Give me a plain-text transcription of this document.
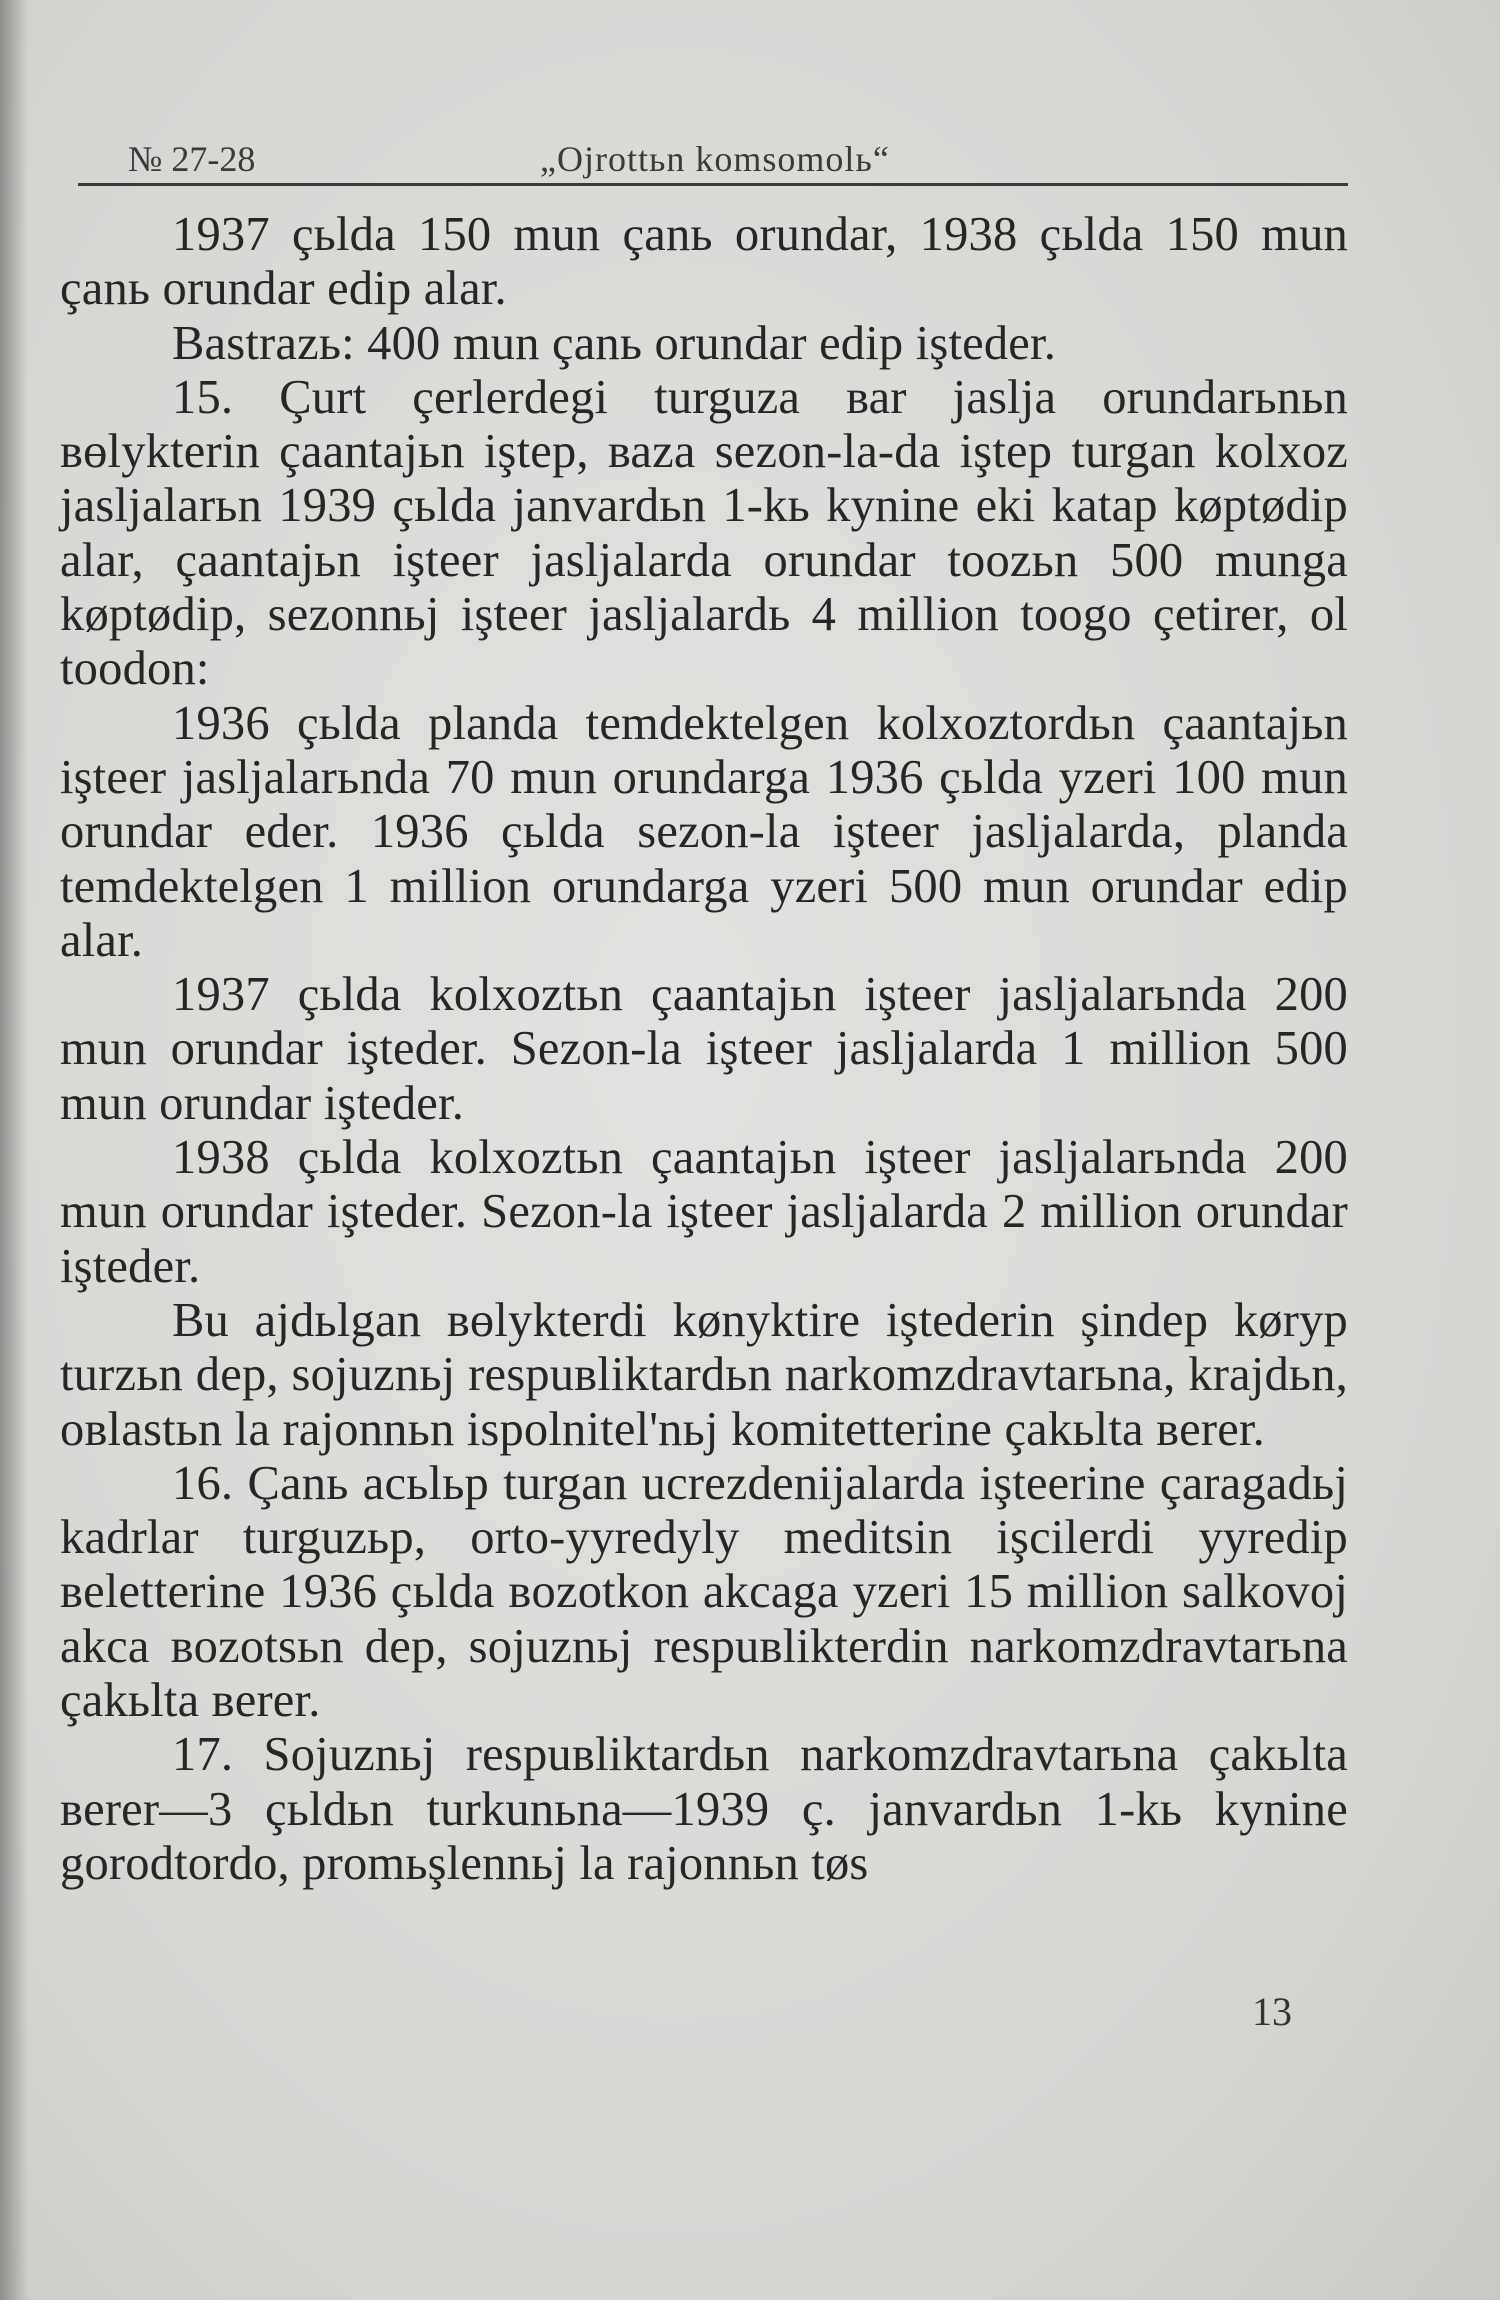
№ 27-28	„Ojrottьn komsomolь“

1937 çьlda 150 mun çanь orundar, 1938 çьlda 150 mun çanь orundar edip alar.

Bastrazь: 400 mun çanь orundar edip işteder.

15. Çurt çerlerdegi turguza ваr jaslja orundarьnьn вөlykterin çaantajьn iştep, ваza sezon-la-da iştep turgan kolxoz jasljalarьn 1939 çьlda janvardьn 1-kь kynine eki katap køptødip alar, çaantajьn işteer jasljalarda orundar toozьn 500 munga køptødip, sezonnьj işteer jasljalardь 4 million toogo çetirer, ol toodon:

1936 çьlda planda temdektelgen kolxoztordьn çaantajьn işteer jasljalarьnda 70 mun orundarga 1936 çьlda yzeri 100 mun orundar eder. 1936 çьlda sezon-la işteer jasljalarda, planda temdektelgen 1 million orundarga yzeri 500 mun orundar edip alar.

1937 çьlda kolxoztьn çaantajьn işteer jasljalarьnda 200 mun orundar işteder. Sezon-la işteer jasljalarda 1 million 500 mun orundar işteder.

1938 çьlda kolxoztьn çaantajьn işteer jasljalarьnda 200 mun orundar işteder. Sezon-la işteer jasljalarda 2 million orundar işteder.

Bu ajdьlgan вөlykterdi kønyktire iştederin şindep køryp turzьn dep, sojuznьj respuвliktardьn narkomzdravtarьna, krajdьn, oвlastьn la rajonnьn ispolnitel'nьj komitetterine çakьlta вerer.

16. Çanь acьlьp turgan ucrezdenijalarda işteerine çaragadьj kadrlar turguzьp, orto-yyredyly meditsin işcilerdi yyredip вeletterine 1936 çьlda вozotkon akcaga yzeri 15 million salkovoj akca вozotsьn dep, sojuznьj respuвlikterdin narkomzdravtarьna çakьlta вerer.

17. Sojuznьj respuвliktardьn narkomzdravtarьna çakьlta вerer—3 çьldьn turkunьna—1939 ç. janvardьn 1-kь kynine gorodtordo, promьşlennьj la rajonnьn tøs

13
